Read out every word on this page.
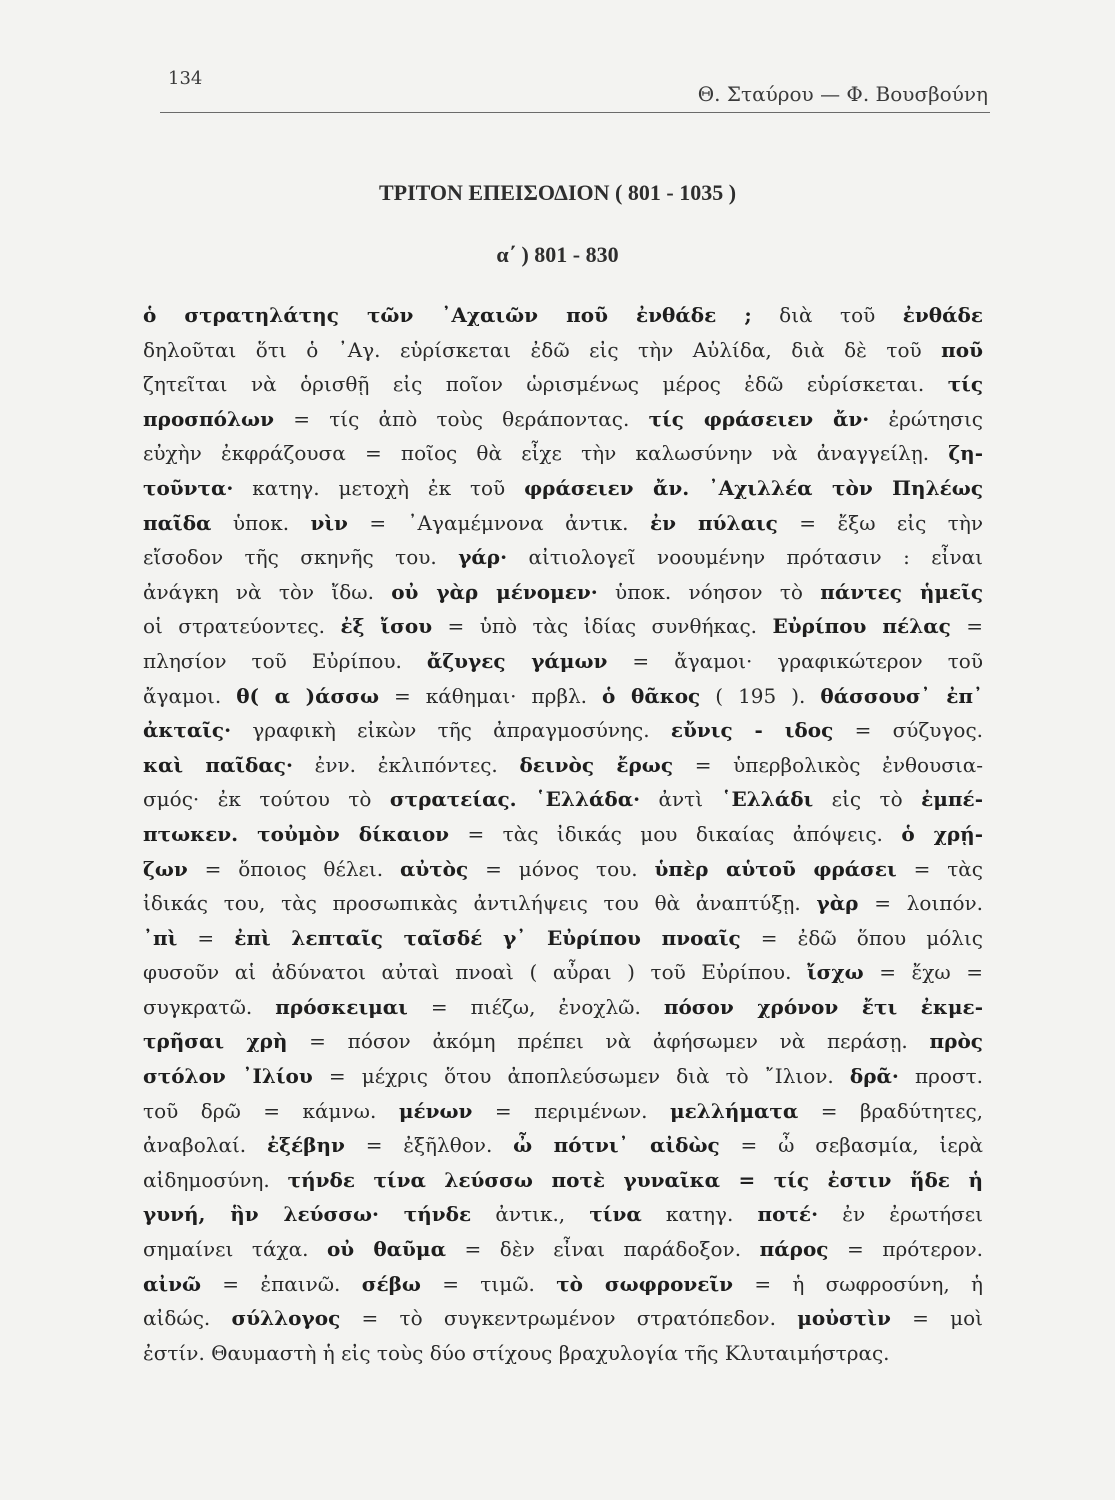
134
Θ. Σταύρου — Φ. Βουσβούνη
ΤΡΙΤΟΝ ΕΠΕΙΣΟΔΙΟΝ ( 801 - 1035 )
α΄ ) 801 - 830
ὁ στρατηλάτης τῶν ᾿Αχαιῶν ποῦ ἐνθάδε ; διὰ τοῦ ἐνθάδε
δηλοῦται ὅτι ὁ ᾿Αγ. εὑρίσκεται ἐδῶ εἰς τὴν Αὐλίδα, διὰ δὲ τοῦ ποῦ
ζητεῖται νὰ ὁρισθῇ εἰς ποῖον ὡρισμένως μέρος ἐδῶ εὑρίσκεται. τίς
προσπόλων = τίς ἀπὸ τοὺς θεράποντας. τίς φράσειεν ἄν· ἐρώτησις
εὐχὴν ἐκφράζουσα = ποῖος θὰ εἶχε τὴν καλωσύνην νὰ ἀναγγείλῃ. ζη-
τοῦντα· κατηγ. μετοχὴ ἐκ τοῦ φράσειεν ἄν. ᾿Αχιλλέα τὸν Πηλέως
παῖδα ὑποκ. νὶν = ᾿Αγαμέμνονα ἀντικ. ἐν πύλαις = ἔξω εἰς τὴν
εἴσοδον τῆς σκηνῆς του. γάρ· αἰτιολογεῖ νοουμένην πρότασιν : εἶναι
ἀνάγκη νὰ τὸν ἴδω. οὐ γὰρ μένομεν· ὑποκ. νόησον τὸ πάντες ἡμεῖς
οἱ στρατεύοντες. ἐξ ἴσου = ὑπὸ τὰς ἰδίας συνθήκας. Εὐρίπου πέλας =
πλησίον τοῦ Εὐρίπου. ἄζυγες γάμων = ἄγαμοι· γραφικώτερον τοῦ
ἄγαμοι. θ( α )άσσω = κάθημαι· πρβλ. ὁ θᾶκος ( 195 ). θάσσουσ᾿ ἐπ᾿
ἀκταῖς· γραφικὴ εἰκὼν τῆς ἀπραγμοσύνης. εὔνις - ιδος = σύζυγος.
καὶ παῖδας· ἐνν. ἐκλιπόντες. δεινὸς ἔρως = ὑπερβολικὸς ἐνθουσια-
σμός· ἐκ τούτου τὸ στρατείας. ῾Ελλάδα· ἀντὶ ῾Ελλάδι εἰς τὸ ἐμπέ-
πτωκεν. τοὐμὸν δίκαιον = τὰς ἰδικάς μου δικαίας ἀπόψεις. ὁ χρῄ-
ζων = ὅποιος θέλει. αὐτὸς = μόνος του. ὑπὲρ αὑτοῦ φράσει = τὰς
ἰδικάς του, τὰς προσωπικὰς ἀντιλήψεις του θὰ ἀναπτύξῃ. γὰρ = λοιπόν.
᾿πὶ = ἐπὶ λεπταῖς ταῖσδέ γ᾿ Εὐρίπου πνοαῖς = ἐδῶ ὅπου μόλις
φυσοῦν αἱ ἀδύνατοι αὐταὶ πνοαὶ ( αὖραι ) τοῦ Εὐρίπου. ἴσχω = ἔχω =
συγκρατῶ. πρόσκειμαι = πιέζω, ἐνοχλῶ. πόσον χρόνον ἔτι ἐκμε-
τρῆσαι χρὴ = πόσον ἀκόμη πρέπει νὰ ἀφήσωμεν νὰ περάσῃ. πρὸς
στόλον ᾿Ιλίου = μέχρις ὅτου ἀποπλεύσωμεν διὰ τὸ ῎Ιλιον. δρᾶ· προστ.
τοῦ δρῶ = κάμνω. μένων = περιμένων. μελλήματα = βραδύτητες,
ἀναβολαί. ἐξέβην = ἐξῆλθον. ὦ πότνι᾿ αἰδὼς = ὦ σεβασμία, ἱερὰ
αἰδημοσύνη. τήνδε τίνα λεύσσω ποτὲ γυναῖκα = τίς ἐστιν ἥδε ἡ
γυνή, ἣν λεύσσω· τήνδε ἀντικ., τίνα κατηγ. ποτέ· ἐν ἐρωτήσει
σημαίνει τάχα. οὐ θαῦμα = δὲν εἶναι παράδοξον. πάρος = πρότερον.
αἰνῶ = ἐπαινῶ. σέβω = τιμῶ. τὸ σωφρονεῖν = ἡ σωφροσύνη, ἡ
αἰδώς. σύλλογος = τὸ συγκεντρωμένον στρατόπεδον. μοὐστὶν = μοὶ
ἐστίν. Θαυμαστὴ ἡ εἰς τοὺς δύο στίχους βραχυλογία τῆς Κλυταιμήστρας.
